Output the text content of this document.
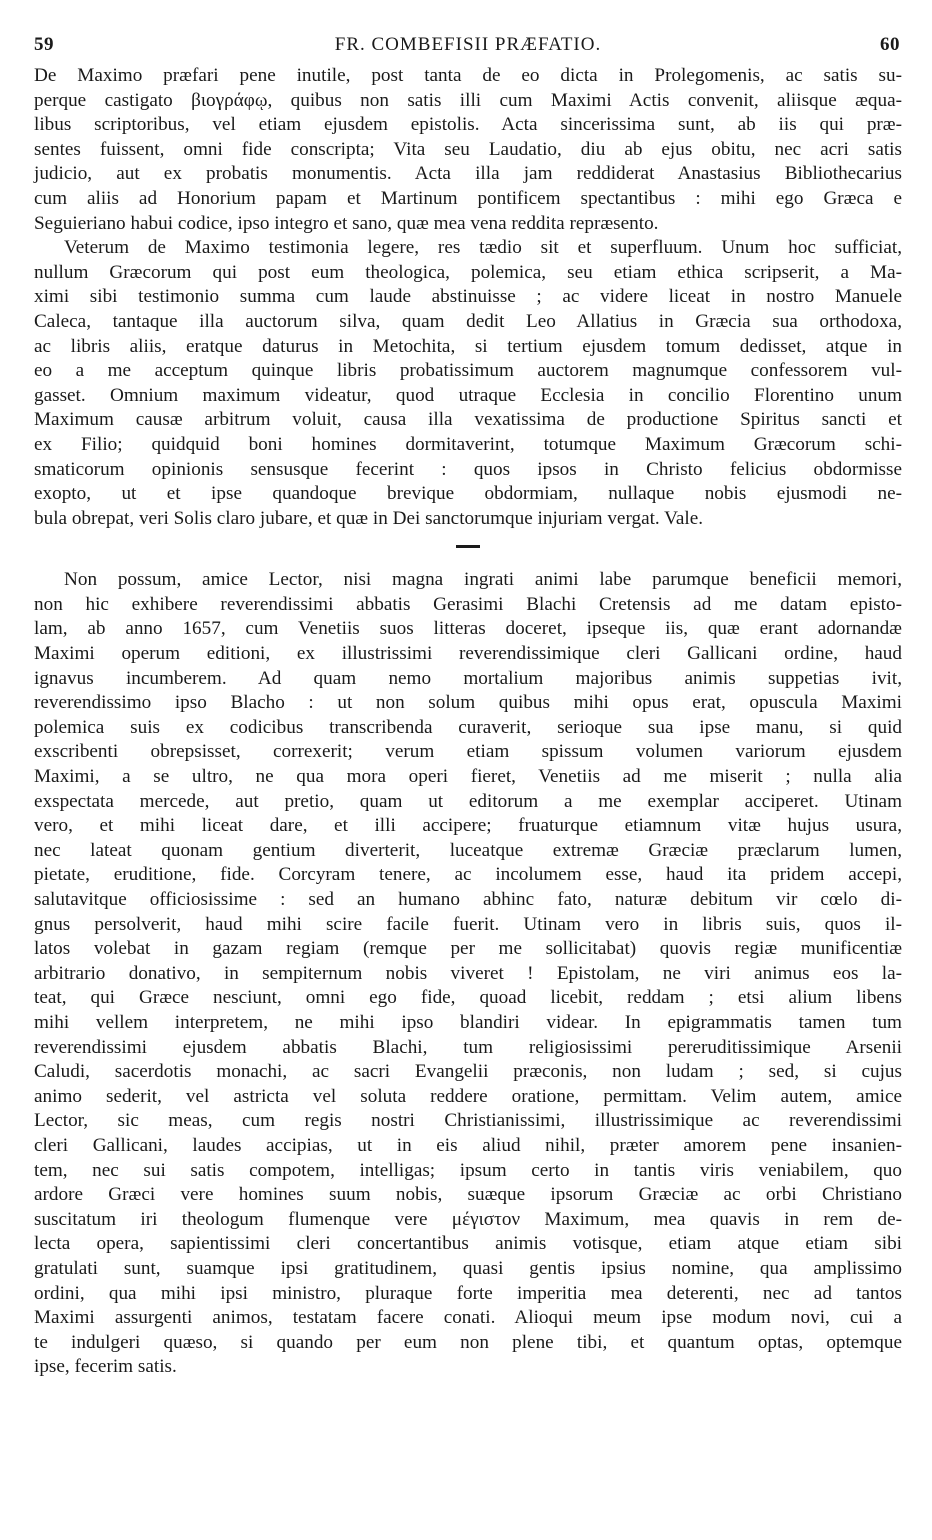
59	FR. COMBEFISII PRÆFATIO.	60
De Maximo præfari pene inutile, post tanta de eo dicta in Prolegomenis, ac satis su-
perque castigato βιογράφῳ, quibus non satis illi cum Maximi Actis convenit, aliisque æqua-
libus scriptoribus, vel etiam ejusdem epistolis. Acta sincerissima sunt, ab iis qui præ-
sentes fuissent, omni fide conscripta; Vita seu Laudatio, diu ab ejus obitu, nec acri satis
judicio, aut ex probatis monumentis. Acta illa jam reddiderat Anastasius Bibliothecarius
cum aliis ad Honorium papam et Martinum pontificem spectantibus : mihi ego Græca e
Seguieriano habui codice, ipso integro et sano, quæ mea vena reddita repræsento.
Veterum de Maximo testimonia legere, res tædio sit et superfluum. Unum hoc sufficiat,
nullum Græcorum qui post eum theologica, polemica, seu etiam ethica scripserit, a Ma-
ximi sibi testimonio summa cum laude abstinuisse ; ac videre liceat in nostro Manuele
Caleca, tantaque illa auctorum silva, quam dedit Leo Allatius in Græcia sua orthodoxa,
ac libris aliis, eratque daturus in Metochita, si tertium ejusdem tomum dedisset, atque in
eo a me acceptum quinque libris probatissimum auctorem magnumque confessorem vul-
gasset. Omnium maximum videatur, quod utraque Ecclesia in concilio Florentino unum
Maximum causæ arbitrum voluit, causa illa vexatissima de productione Spiritus sancti et
ex Filio; quidquid boni homines dormitaverint, totumque Maximum Græcorum schi-
smaticorum opinionis sensusque fecerint : quos ipsos in Christo felicius obdormisse
exopto, ut et ipse quandoque brevique obdormiam, nullaque nobis ejusmodi ne-
bula obrepat, veri Solis claro jubare, et quæ in Dei sanctorumque injuriam vergat. Vale.
Non possum, amice Lector, nisi magna ingrati animi labe parumque beneficii memori,
non hic exhibere reverendissimi abbatis Gerasimi Blachi Cretensis ad me datam episto-
lam, ab anno 1657, cum Venetiis suos litteras doceret, ipseque iis, quæ erant adornandæ
Maximi operum editioni, ex illustrissimi reverendissimique cleri Gallicani ordine, haud
ignavus incumberem. Ad quam nemo mortalium majoribus animis suppetias ivit,
reverendissimo ipso Blacho : ut non solum quibus mihi opus erat, opuscula Maximi
polemica suis ex codicibus transcribenda curaverit, serioque sua ipse manu, si quid
exscribenti obrepsisset, correxerit; verum etiam spissum volumen variorum ejusdem
Maximi, a se ultro, ne qua mora operi fieret, Venetiis ad me miserit ; nulla alia
exspectata mercede, aut pretio, quam ut editorum a me exemplar acciperet. Utinam
vero, et mihi liceat dare, et illi accipere; fruaturque etiamnum vitæ hujus usura,
nec lateat quonam gentium diverterit, luceatque extremæ Græciæ præclarum lumen,
pietate, eruditione, fide. Corcyram tenere, ac incolumem esse, haud ita pridem accepi,
salutavitque officiosissime : sed an humano abhinc fato, naturæ debitum vir cœlo di-
gnus persolverit, haud mihi scire facile fuerit. Utinam vero in libris suis, quos il-
latos volebat in gazam regiam (remque per me sollicitabat) quovis regiæ munificentiæ
arbitrario donativo, in sempiternum nobis viveret ! Epistolam, ne viri animus eos la-
teat, qui Græce nesciunt, omni ego fide, quoad licebit, reddam ; etsi alium libens
mihi vellem interpretem, ne mihi ipso blandiri videar. In epigrammatis tamen tum
reverendissimi ejusdem abbatis Blachi, tum religiosissimi pereruditissimique Arsenii
Caludi, sacerdotis monachi, ac sacri Evangelii præconis, non ludam ; sed, si cujus
animo sederit, vel astricta vel soluta reddere oratione, permittam. Velim autem, amice
Lector, sic meas, cum regis nostri Christianissimi, illustrissimique ac reverendissimi
cleri Gallicani, laudes accipias, ut in eis aliud nihil, præter amorem pene insanien-
tem, nec sui satis compotem, intelligas; ipsum certo in tantis viris veniabilem, quo
ardore Græci vere homines suum nobis, suæque ipsorum Græciæ ac orbi Christiano
suscitatum iri theologum flumenque vere μέγιστον Maximum, mea quavis in rem de-
lecta opera, sapientissimi cleri concertantibus animis votisque, etiam atque etiam sibi
gratulati sunt, suamque ipsi gratitudinem, quasi gentis ipsius nomine, qua amplissimo
ordini, qua mihi ipsi ministro, pluraque forte imperitia mea deterenti, nec ad tantos
Maximi assurgenti animos, testatam facere conati. Alioqui meum ipse modum novi, cui a
te indulgeri quæso, si quando per eum non plene tibi, et quantum optas, optemque
ipse, fecerim satis.
